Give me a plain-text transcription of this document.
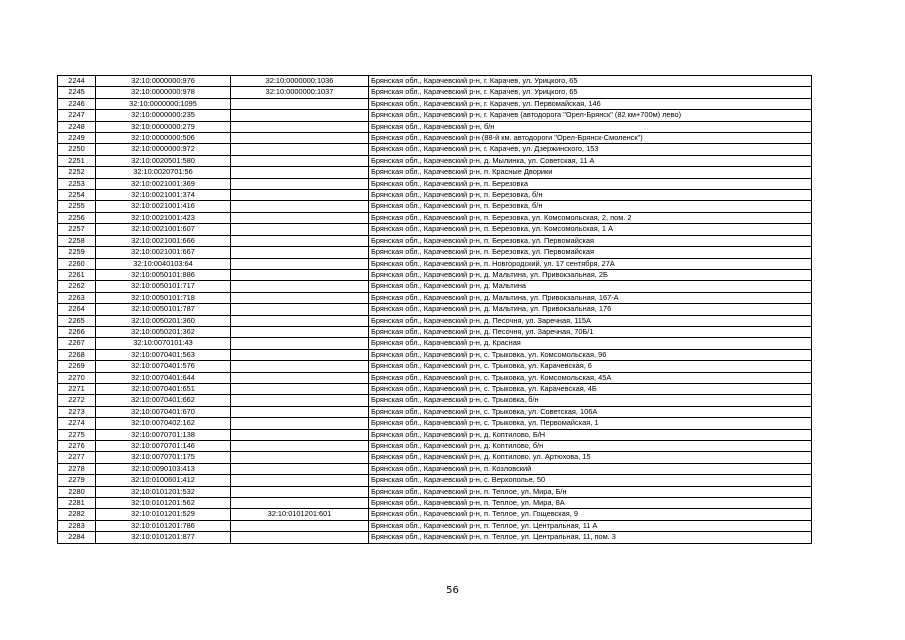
2244	32:10:0000000:976	32:10:0000000:1036	Брянская обл., Карачевский р-н, г. Карачев, ул. Урицкого, 65
2245	32:10:0000000:978	32:10:0000000:1037	Брянская обл., Карачевский р-н, г. Карачев, ул. Урицкого, 65
2246	32:10:0000000:1095		Брянская обл., Карачевский р-н, г. Карачев, ул. Первомайская, 146
2247	32:10:0000000:235		Брянская обл., Карачевский р-н, г. Карачев (автодорога "Орел-Брянск" (82 км+700м) лево)
2248	32:10:0000000:279		Брянская обл., Карачевский р-н, б/н
2249	32:10:0000000:506		Брянская обл., Карачевский р-н (88-й км. автодороги "Орел-Брянск-Смоленск")
2250	32:10:0000000:972		Брянская обл., Карачевский р-н, г. Карачев, ул. Дзержинского, 153
2251	32:10:0020501:580		Брянская обл., Карачевский р-н, д. Мылинка, ул. Советская, 11 А
2252	32:10:0020701:56		Брянская обл., Карачевский р-н, п. Красные Дворики
2253	32:10:0021001:369		Брянская обл., Карачевский р-н, п. Березовка
2254	32:10:0021001:374		Брянская обл., Карачевский р-н, п. Березовка, б/н
2255	32:10:0021001:416		Брянская обл., Карачевский р-н, п. Березовка, б/н
2256	32:10:0021001:423		Брянская обл., Карачевский р-н, п. Березовка, ул. Комсомольская, 2, пом. 2
2257	32:10:0021001:607		Брянская обл., Карачевский р-н, п. Березовка, ул. Комсомольская, 1 А
2258	32:10:0021001:666		Брянская обл., Карачевский р-н, п. Березовка, ул. Первомайская
2259	32:10:0021001:667		Брянская обл., Карачевский р-н, п. Березовка, ул. Первомайская
2260	32:10:0040103:64		Брянская обл., Карачевский р-н, п. Новгородский, ул. 17 сентября, 27А
2261	32:10:0050101:886		Брянская обл., Карачевский р-н, д. Мальтина, ул. Привокзальная, 2Б
2262	32:10:0050101:717		Брянская обл., Карачевский р-н, д. Мальтина
2263	32:10:0050101:718		Брянская обл., Карачевский р-н, д. Мальтина, ул. Привокзальная, 167-А
2264	32:10:0050101:787		Брянская обл., Карачевский р-н, д. Мальтина, ул. Привокзальная, 176
2265	32:10:0050201:360		Брянская обл., Карачевский р-н, д. Песочня, ул. Заречная, 115А
2266	32:10:0050201:362		Брянская обл., Карачевский р-н, д. Песочня, ул. Заречная, 70Б/1
2267	32:10:0070101:43		Брянская обл., Карачевский р-н, д. Красная
2268	32:10:0070401:563		Брянская обл., Карачевский р-н, с. Трыковка, ул. Комсомольская, 96
2269	32:10:0070401:576		Брянская обл., Карачевский р-н, с. Трыковка, ул. Карачевская, 6
2270	32:10:0070401:644		Брянская обл., Карачевский р-н, с. Трыковка, ул. Комсомольская, 45А
2271	32:10:0070401:651		Брянская обл., Карачевский р-н, с. Трыковка, ул. Карачевская, 4Б
2272	32:10:0070401:662		Брянская обл., Карачевский р-н, с. Трыковка, б/н
2273	32:10:0070401:670		Брянская обл., Карачевский р-н, с. Трыковка, ул. Советская, 106А
2274	32:10:0070402:162		Брянская обл., Карачевский р-н, с. Трыковка, ул. Первомайская, 1
2275	32:10:0070701:138		Брянская обл., Карачевский р-н, д. Коптилово, Б/Н
2276	32:10:0070701:146		Брянская обл., Карачевский р-н, д. Коптилово, б/н
2277	32:10:0070701:175		Брянская обл., Карачевский р-н, д. Коптилово, ул. Артюхова, 15
2278	32:10:0090103:413		Брянская обл., Карачевский р-н, п. Козловский
2279	32:10:0100601:412		Брянская обл., Карачевский р-н, с. Верхополье, 50
2280	32:10:0101201:532		Брянская обл., Карачевский р-н, п. Теплое, ул. Мира, Б/н
2281	32:10:0101201:562		Брянская обл., Карачевский р-н, п. Теплое, ул. Мира, 8А
2282	32:10:0101201:529	32:10:0101201:601	Брянская обл., Карачевский р-н, п. Теплое, ул. Гощевская, 9
2283	32:10:0101201:786		Брянская обл., Карачевский р-н, п. Теплое, ул. Центральная, 11 А
2284	32:10:0101201:877		Брянская обл., Карачевский р-н, п. Теплое, ул. Центральная, 11, пом. 3
56
